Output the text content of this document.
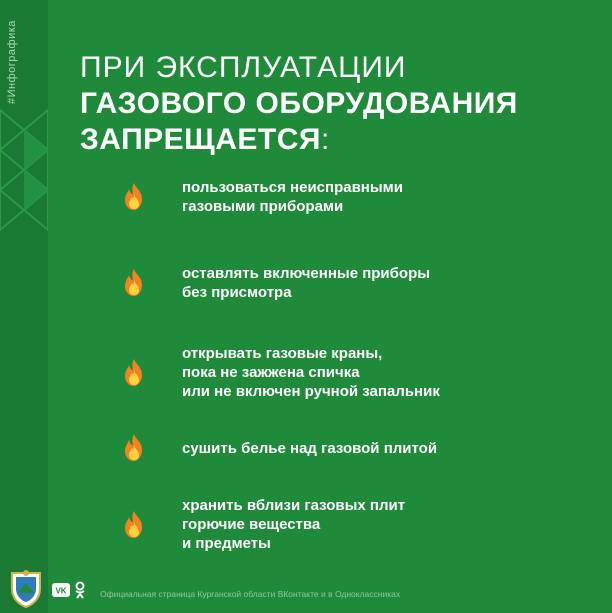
#Инфографика ПРИ ЭКСПЛУАТАЦИИ
ГАЗОВОГО ОБОРУДОВАНИЯ
ЗАПРЕЩАЕТСЯ:
пользоваться неисправными
газовыми приборами
оставлять включенные приборы
без присмотра
открывать газовые краны,
пока не зажжена спичка
или не включен ручной запальник
сушить белье над газовой плитой
хранить вблизи газовых плит
горючие вещества
и предметы
VK
OK Официальная страница Курганской области ВКонтакте и в Одноклассниках
